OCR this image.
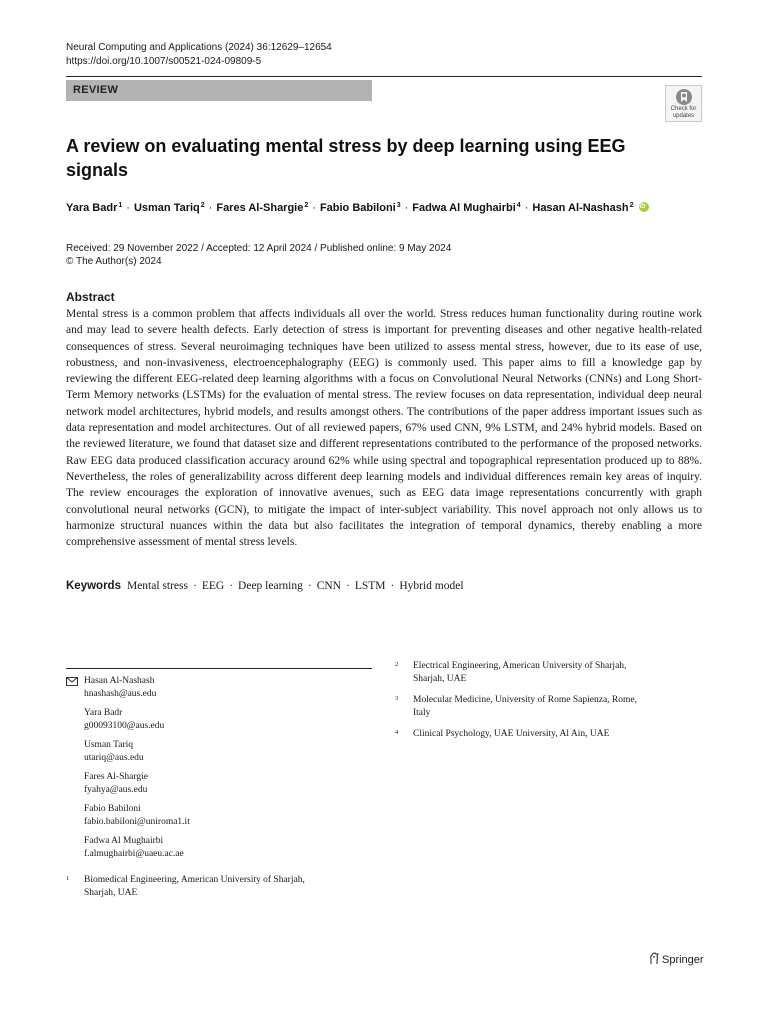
Neural Computing and Applications (2024) 36:12629–12654
https://doi.org/10.1007/s00521-024-09809-5
REVIEW
Check for
updates
A review on evaluating mental stress by deep learning using EEG signals
Yara Badr$^1$ · Usman Tariq$^2$ · Fares Al-Shargie$^2$ · Fabio Babiloni$^3$ · Fadwa Al Mughairbi$^4$ · Hasan Al-Nashash$^2$ iD
Received: 29 November 2022 / Accepted: 12 April 2024 / Published online: 9 May 2024
© The Author(s) 2024
Abstract
Mental stress is a common problem that affects individuals all over the world. Stress reduces human functionality during routine work and may lead to severe health defects. Early detection of stress is important for preventing diseases and other negative health-related consequences of stress. Several neuroimaging techniques have been utilized to assess mental stress, however, due to its ease of use, robustness, and non-invasiveness, electroencephalography (EEG) is commonly used. This paper aims to fill a knowledge gap by reviewing the different EEG-related deep learning algorithms with a focus on Convolutional Neural Networks (CNNs) and Long Short-Term Memory networks (LSTMs) for the evaluation of mental stress. The review focuses on data representation, individual deep neural network model architectures, hybrid models, and results amongst others. The contributions of the paper address important issues such as data representation and model architectures. Out of all reviewed papers, 67% used CNN, 9% LSTM, and 24% hybrid models. Based on the reviewed literature, we found that dataset size and different representations contributed to the performance of the proposed networks. Raw EEG data produced classification accuracy around 62% while using spectral and topographical representation produced up to 88%. Nevertheless, the roles of generalizability across different deep learning models and individual differences remain key areas of inquiry. The review encourages the exploration of innovative avenues, such as EEG data image representations concurrently with graph convolutional neural networks (GCN), to mitigate the impact of inter-subject variability. This novel approach not only allows us to harmonize structural nuances within the data but also facilitates the integration of temporal dynamics, thereby enabling a more comprehensive assessment of mental stress levels.
Keywords Mental stress · EEG · Deep learning · CNN · LSTM · Hybrid model
Hasan Al-Nashash
hnashash@aus.edu
Yara Badr
g00093100@aus.edu
Usman Tariq
utariq@aus.edu
Fares Al-Shargie
fyahya@aus.edu
Fabio Babiloni
fabio.babiloni@uniroma1.it
Fadwa Al Mughairbi
f.almughairbi@uaeu.ac.ae
1 Biomedical Engineering, American University of Sharjah,
Sharjah, UAE
2 Electrical Engineering, American University of Sharjah,
Sharjah, UAE
3 Molecular Medicine, University of Rome Sapienza, Rome,
Italy
4 Clinical Psychology, UAE University, Al Ain, UAE
Springer
